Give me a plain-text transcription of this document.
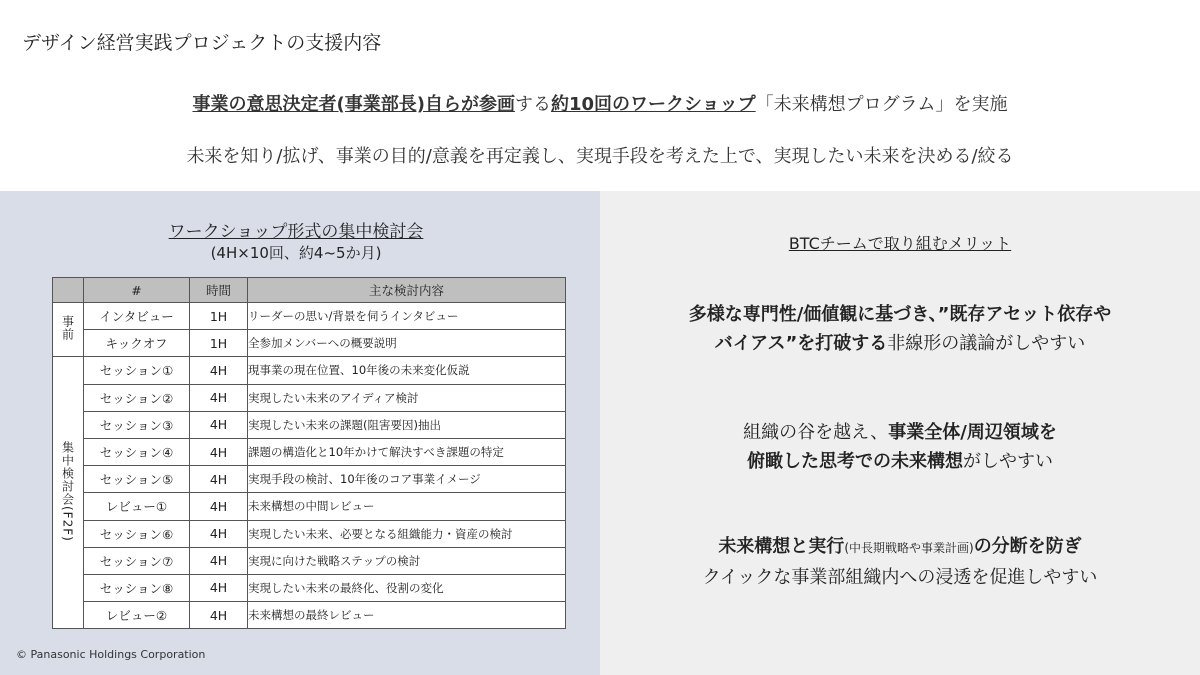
デザイン経営実践プロジェクトの支援内容
事業の意思決定者(事業部長)自らが参画する約10回のワークショップ「未来構想プログラム」を実施
未来を知り/拡げ、事業の目的/意義を再定義し、実現手段を考えた上で、実現したい未来を決める/絞る
ワークショップ形式の集中検討会
(4H×10回、約4~5か月)
	#	時間	主な検討内容
事前	インタビュー	1H	リーダーの思い/背景を伺うインタビュー
	キックオフ	1H	全参加メンバーへの概要説明
集中検討会(F2F)	セッション①	4H	現事業の現在位置、10年後の未来変化仮説
	セッション②	4H	実現したい未来のアイディア検討
	セッション③	4H	実現したい未来の課題(阻害要因)抽出
	セッション④	4H	課題の構造化と10年かけて解決すべき課題の特定
	セッション⑤	4H	実現手段の検討、10年後のコア事業イメージ
	レビュー①	4H	未来構想の中間レビュー
	セッション⑥	4H	実現したい未来、必要となる組織能力・資産の検討
	セッション⑦	4H	実現に向けた戦略ステップの検討
	セッション⑧	4H	実現したい未来の最終化、役割の変化
	レビュー②	4H	未来構想の最終レビュー
© Panasonic Holdings Corporation
BTCチームで取り組むメリット
多様な専門性/価値観に基づき、”既存アセット依存や
バイアス”を打破する非線形の議論がしやすい
組織の谷を越え、事業全体/周辺領域を
俯瞰した思考での未来構想がしやすい
未来構想と実行(中長期戦略や事業計画)の分断を防ぎ
クイックな事業部組織内への浸透を促進しやすい
